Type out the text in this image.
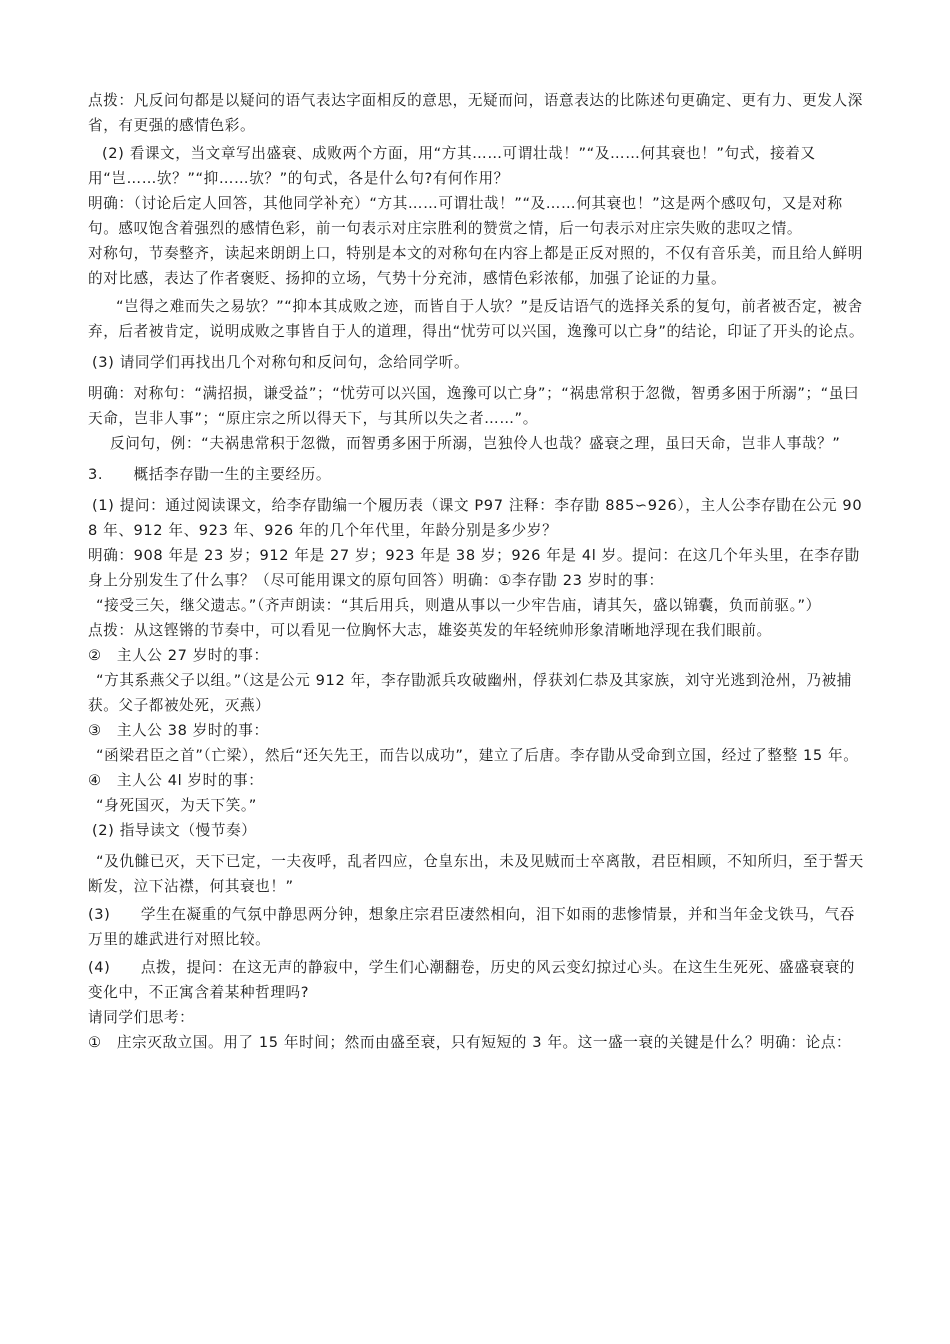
点拨：凡反问句都是以疑问的语气表达字面相反的意思，无疑而问，语意表达的比陈述句更确定、更有力、更发人深省，有更强的感情色彩。

(2) 看课文，当文章写出盛衰、成败两个方面，用“方其……可谓壮哉！”“及……何其衰也！”句式，接着又用“岂……欤？”“抑……欤？”的句式，各是什么句?有何作用？

明确：（讨论后定人回答，其他同学补充）“方其……可谓壮哉！”“及……何其衰也！”这是两个感叹句，又是对称句。感叹饱含着强烈的感情色彩，前一句表示对庄宗胜利的赞赏之情，后一句表示对庄宗失败的悲叹之情。

对称句，节奏整齐，读起来朗朗上口，特别是本文的对称句在内容上都是正反对照的，不仅有音乐美，而且给人鲜明的对比感，表达了作者褒贬、扬抑的立场，气势十分充沛，感情色彩浓郁，加强了论证的力量。

“岂得之难而失之易欤？”“抑本其成败之迹，而皆自于人欤？”是反诘语气的选择关系的复句，前者被否定，被舍弃，后者被肯定，说明成败之事皆自于人的道理，得出“忧劳可以兴国，逸豫可以亡身”的结论，印证了开头的论点。

(3) 请同学们再找出几个对称句和反问句，念给同学听。

明确：对称句：“满招损，谦受益”；“忧劳可以兴国，逸豫可以亡身”；“祸患常积于忽微，智勇多困于所溺”；“虽曰天命，岂非人事”；“原庄宗之所以得天下，与其所以失之者……”。

反问句，例：“夫祸患常积于忽微，而智勇多困于所溺，岂独伶人也哉？盛衰之理，虽曰天命，岂非人事哉？”

3.　　概括李存勖一生的主要经历。

(1) 提问：通过阅读课文，给李存勖编一个履历表（课文 P97 注释：李存勖 885∽926），主人公李存勖在公元 908 年、912 年、923 年、926 年的几个年代里，年龄分别是多少岁？

明确：908 年是 23 岁；912 年是 27 岁；923 年是 38 岁；926 年是 4l 岁。提问：在这几个年头里，在李存勖身上分别发生了什么事？（尽可能用课文的原句回答）明确：①李存勖 23 岁时的事：

“接受三矢，继父遗志。”（齐声朗读：“其后用兵，则遣从事以一少牢告庙，请其矢，盛以锦囊，负而前驱。”）

点拨：从这铿锵的节奏中，可以看见一位胸怀大志，雄姿英发的年轻统帅形象清晰地浮现在我们眼前。

②　主人公 27 岁时的事：

“方其系燕父子以组。”（这是公元 912 年，李存勖派兵攻破幽州，俘获刘仁恭及其家族，刘守光逃到沧州，乃被捕获。父子都被处死，灭燕）

③　主人公 38 岁时的事：

“函梁君臣之首”（亡梁），然后“还矢先王，而告以成功”，建立了后唐。李存勖从受命到立国，经过了整整 15 年。

④　主人公 4l 岁时的事：

“身死国灭，为天下笑。”

(2) 指导读文（慢节奏）

“及仇雠已灭，天下已定，一夫夜呼，乱者四应，仓皇东出，未及见贼而士卒离散，君臣相顾，不知所归，至于誓天断发，泣下沾襟，何其衰也！”

(3)　　学生在凝重的气氛中静思两分钟，想象庄宗君臣凄然相向，泪下如雨的悲惨情景，并和当年金戈铁马，气吞万里的雄武进行对照比较。

(4)　　点拨，提问：在这无声的静寂中，学生们心潮翻卷，历史的风云变幻掠过心头。在这生生死死、盛盛衰衰的变化中，不正寓含着某种哲理吗?

请同学们思考：

①　庄宗灭敌立国。用了 15 年时间；然而由盛至衰，只有短短的 3 年。这一盛一衰的关键是什么？明确：论点：
